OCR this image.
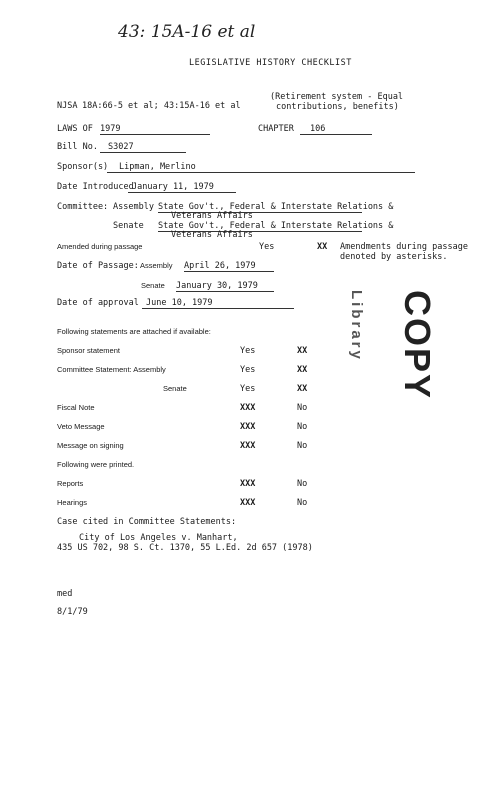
43: 15A-16 et al
LEGISLATIVE HISTORY CHECKLIST
NJSA 18A:66-5 et al; 43:15A-16 et al
(Retirement system - Equal
contributions, benefits)
LAWS OF 1979	CHAPTER	106
Bill No.	S3027
Sponsor(s)	Lipman, Merlino
Date Introduced
January 11, 1979
Committee: Assembly State Gov't., Federal & Interstate Relations &
Veterans Affairs
Senate State Gov't., Federal & Interstate Relations &
Veterans Affairs
Amended during passage	Yes	XX Amendments during passage
denoted by asterisks.
Date of Passage: Assembly April 26, 1979
Senate January 30, 1979
Date of approval June 10, 1979
Following statements are attached if available:
Sponsor statement	Yes	XX
Committee Statement: Assembly	Yes	XX
Senate	Yes	XX
Fiscal Note	XXX	No
Veto Message	XXX	No
Message on signing	XXX	No
Following were printed.
Reports	XXX	No
Hearings	XXX	No
Case cited in Committee Statements:
City of Los Angeles v. Manhart,
435 US 702, 98 S. Ct. 1370, 55 L.Ed. 2d 657 (1978)
med
8/1/79
Library COPY
